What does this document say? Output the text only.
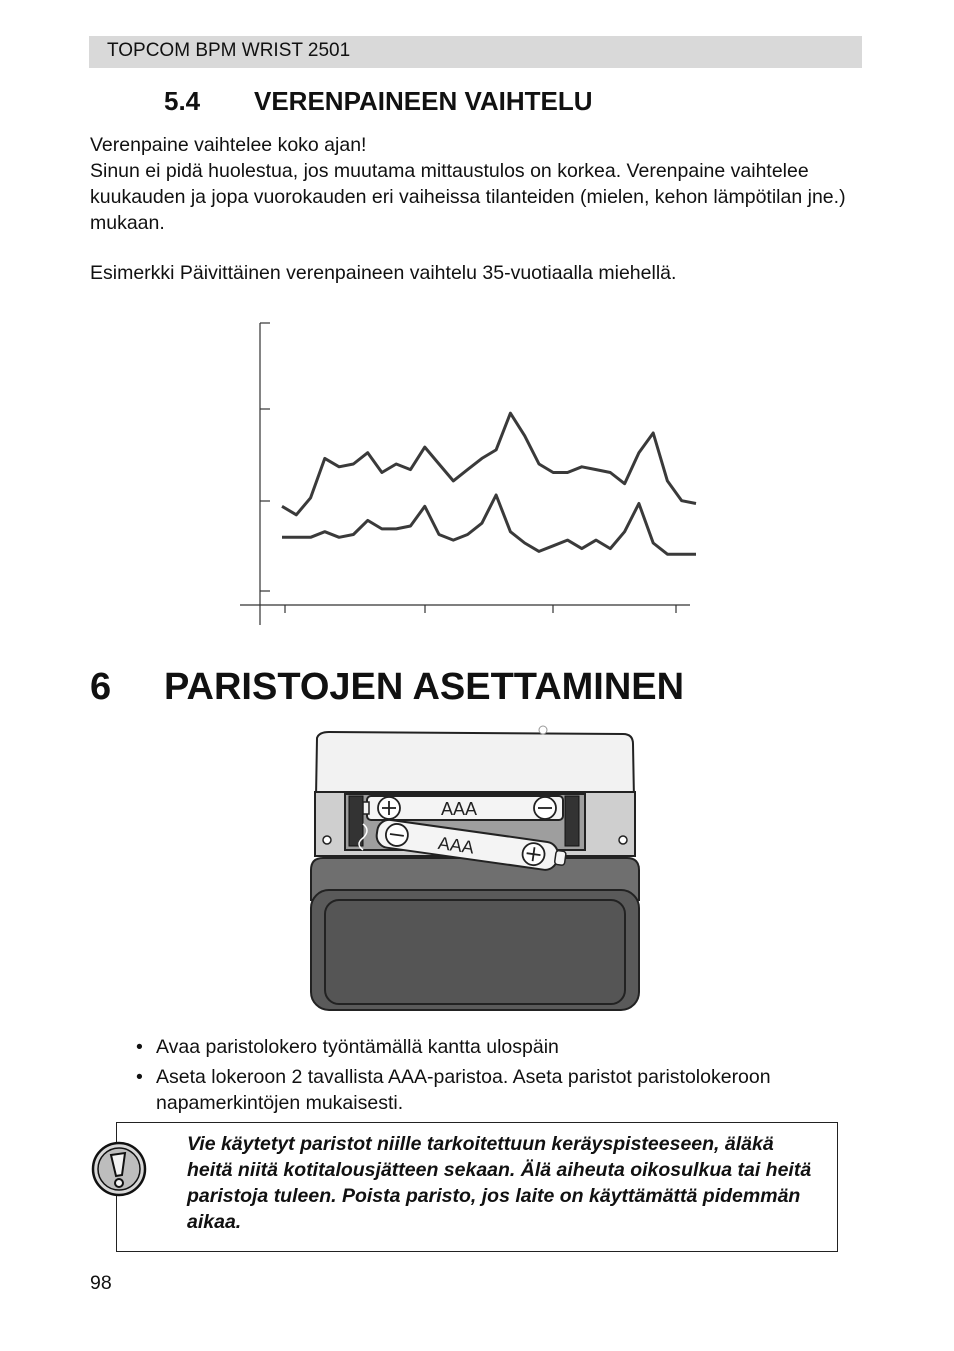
TOPCOM BPM WRIST 2501
5.4 VERENPAINEEN VAIHTELU
Verenpaine vaihtelee koko ajan!
Sinun ei pidä huolestua, jos muutama mittaustulos on korkea. Verenpaine vaihtelee kuukauden ja jopa vuorokauden eri vaiheissa tilanteiden (mielen, kehon lämpötilan jne.) mukaan.
Esimerkki Päivittäinen verenpaineen vaihtelu 35-vuotiaalla miehellä.
6 PARISTOJEN ASETTAMINEN
AAA
AAA
• Avaa paristolokero työntämällä kantta ulospäin
• Aseta lokeroon 2 tavallista AAA-paristoa. Aseta paristot paristolokeroon napamerkintöjen mukaisesti.
Vie käytetyt paristot niille tarkoitettuun keräyspisteeseen, äläkä heitä niitä kotitalousjätteen sekaan. Älä aiheuta oikosulkua tai heitä paristoja tuleen. Poista paristo, jos laite on käyttämättä pidemmän aikaa.
98
